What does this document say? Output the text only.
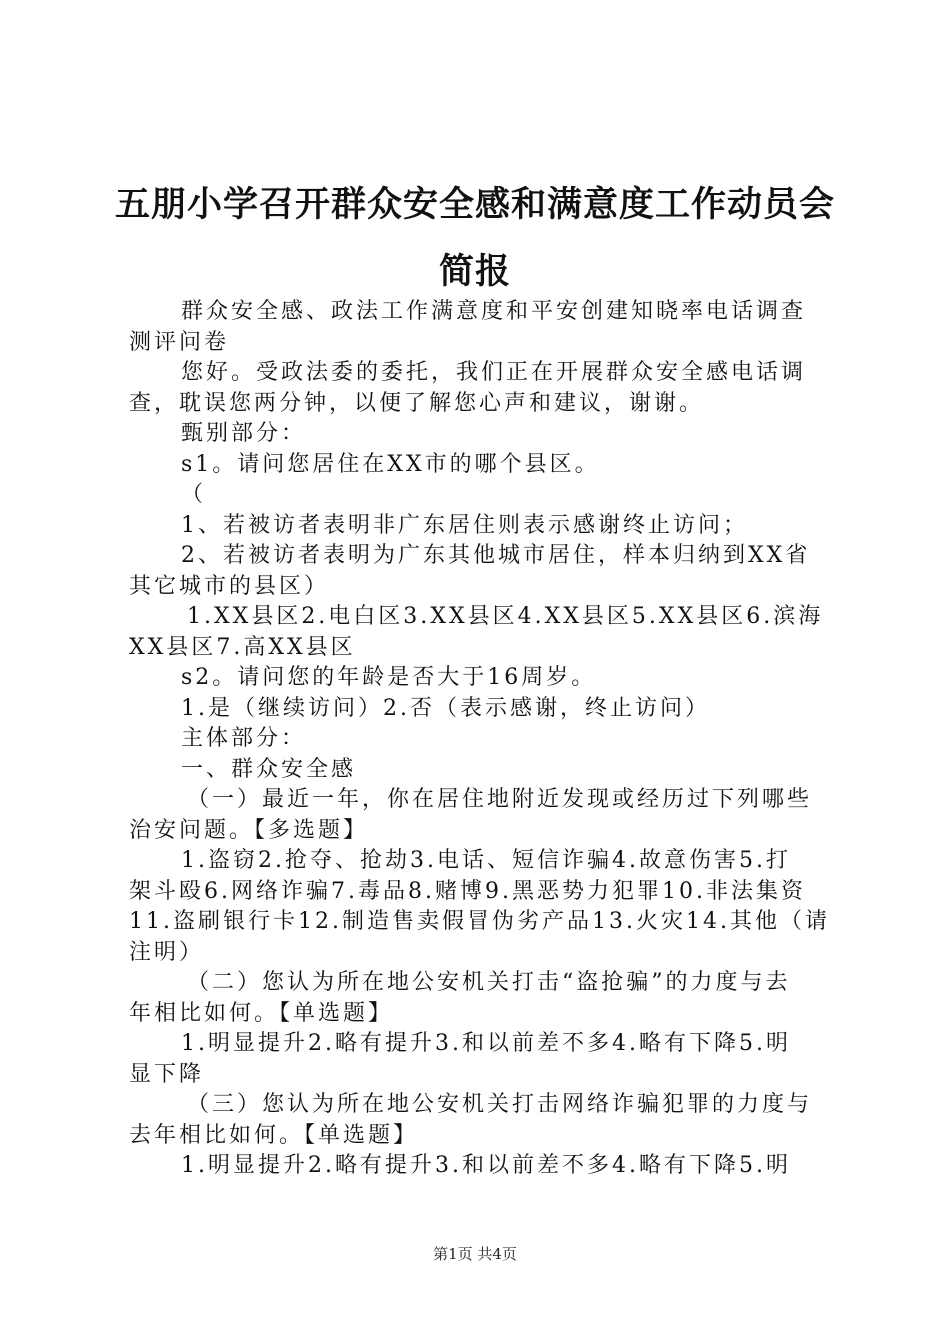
五朋小学召开群众安全感和满意度工作动员会
简报

群众安全感、政法工作满意度和平安创建知晓率电话调查

测评问卷

您好。受政法委的委托，我们正在开展群众安全感电话调

查，耽误您两分钟，以便了解您心声和建议，谢谢。

甄别部分：

s1。请问您居住在XX市的哪个县区。

（

1、若被访者表明非广东居住则表示感谢终止访问；

2、若被访者表明为广东其他城市居住，样本归纳到XX省

其它城市的县区）

1.XX县区2.电白区3.XX县区4.XX县区5.XX县区6.滨海

XX县区7.高XX县区

s2。请问您的年龄是否大于16周岁。

1.是（继续访问）2.否（表示感谢，终止访问）

主体部分：

一、群众安全感

（一）最近一年，你在居住地附近发现或经历过下列哪些

治安问题。【多选题】

1.盗窃2.抢夺、抢劫3.电话、短信诈骗4.故意伤害5.打

架斗殴6.网络诈骗7.毒品8.赌博9.黑恶势力犯罪10.非法集资

11.盗刷银行卡12.制造售卖假冒伪劣产品13.火灾14.其他（请

注明）

（二）您认为所在地公安机关打击“盗抢骗”的力度与去

年相比如何。【单选题】

1.明显提升2.略有提升3.和以前差不多4.略有下降5.明

显下降

（三）您认为所在地公安机关打击网络诈骗犯罪的力度与

去年相比如何。【单选题】

1.明显提升2.略有提升3.和以前差不多4.略有下降5.明

第1页 共4页
